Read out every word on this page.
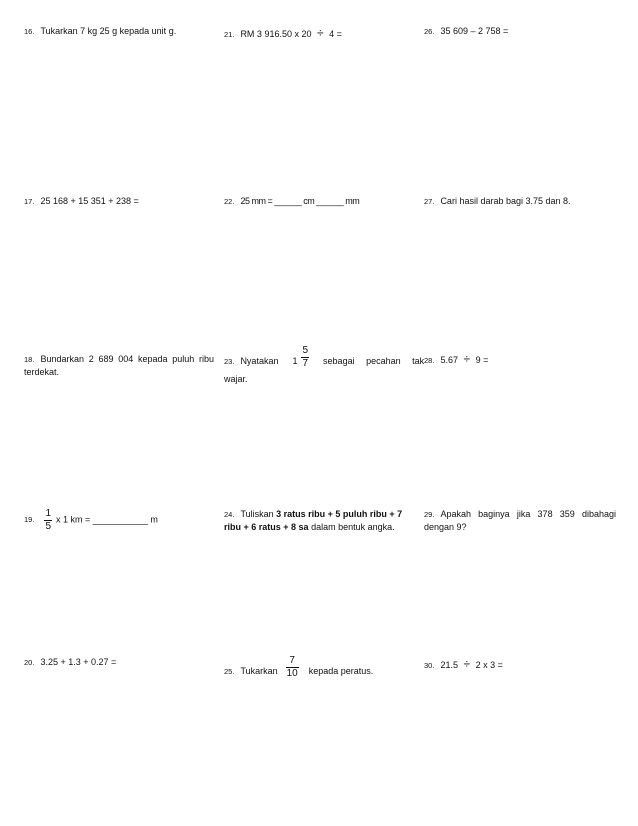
16. Tukarkan 7 kg 25 g kepada unit g.
17. 25 168 + 15 351 + 238 =
18. Bundarkan 2 689 004 kepada puluh ribu terdekat.
19. $\frac{1}{5}$ x 1 km = ___________ m
20. 3.25 + 1.3 + 0.27 =
21. RM 3 916.50 x 20 ÷ 4 =
22. 25 mm = ______ cm ______ mm
23. Nyatakan $1 \frac{5}{7}$ sebagai pecahan tak
wajar.
24. Tuliskan 3 ratus ribu + 5 puluh ribu + 7 ribu + 6 ratus + 8 sa dalam bentuk angka.
25. Tukarkan $\frac{7}{10}$ kepada peratus.
26. 35 609 – 2 758 =
27. Cari hasil darab bagi 3.75 dan 8.
28. 5.67 ÷ 9 =
29. Apakah baginya jika 378 359 dibahagi dengan 9?
30. 21.5 ÷ 2 x 3 =
